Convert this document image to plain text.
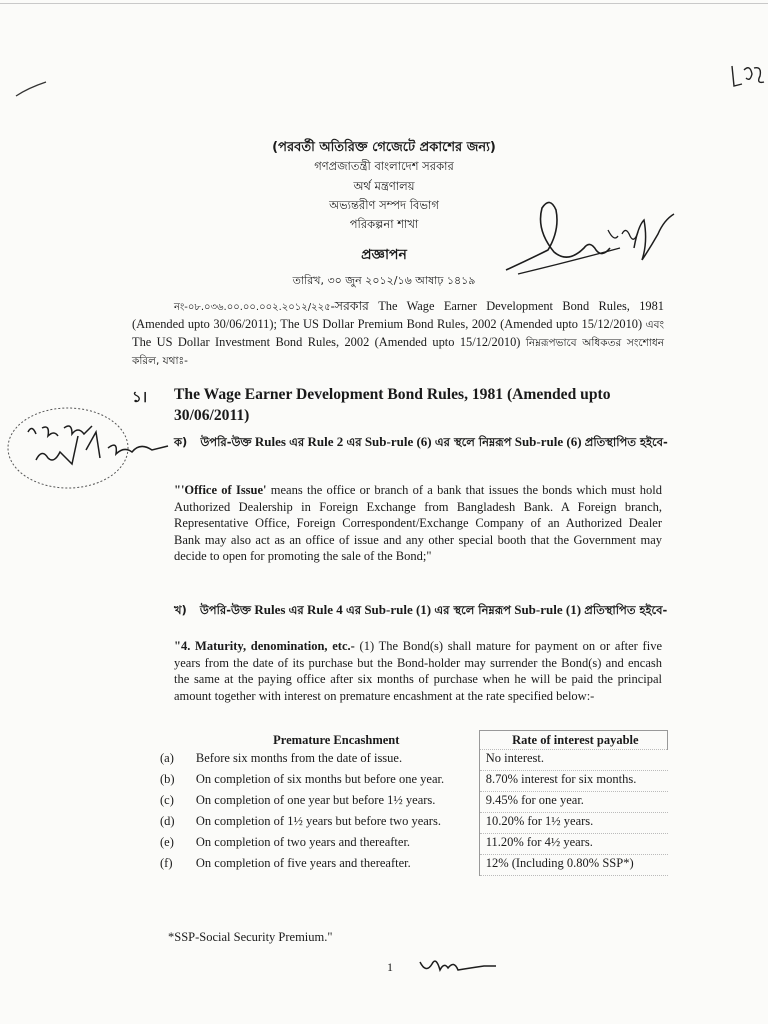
(পরবর্তী অতিরিক্ত গেজেটে প্রকাশের জন্য)
গণপ্রজাতন্ত্রী বাংলাদেশ সরকার
অর্থ মন্ত্রণালয়
অভ্যন্তরীণ সম্পদ বিভাগ
পরিকল্পনা শাখা
প্রজ্ঞাপন
তারিখ, ৩০ জুন ২০১২/১৬ আষাঢ় ১৪১৯
নং-০৮.০৩৬.০০.০০.০০২.২০১২/২২৫-সরকার The Wage Earner Development Bond Rules, 1981 (Amended upto 30/06/2011); The US Dollar Premium Bond Rules, 2002 (Amended upto 15/12/2010) এবং The US Dollar Investment Bond Rules, 2002 (Amended upto 15/12/2010) নিম্নরূপভাবে অধিকতর সংশোধন করিল, যথাঃ-
১। The Wage Earner Development Bond Rules, 1981 (Amended upto 30/06/2011)
ক) উপরি-উক্ত Rules এর Rule 2 এর Sub-rule (6) এর স্থলে নিম্নরূপ Sub-rule (6) প্রতিস্থাপিত হইবে-
"'Office of Issue' means the office or branch of a bank that issues the bonds which must hold Authorized Dealership in Foreign Exchange from Bangladesh Bank. A Foreign branch, Representative Office, Foreign Correspondent/Exchange Company of an Authorized Dealer Bank may also act as an office of issue and any other special booth that the Government may decide to open for promoting the sale of the Bond;"
খ) উপরি-উক্ত Rules এর Rule 4 এর Sub-rule (1) এর স্থলে নিম্নরূপ Sub-rule (1) প্রতিস্থাপিত হইবে-
"4. Maturity, denomination, etc.- (1) The Bond(s) shall mature for payment on or after five years from the date of its purchase but the Bond-holder may surrender the Bond(s) and encash the same at the paying office after six months of purchase when he will be paid the principal amount together with interest on premature encashment at the rate specified below:-
	Premature Encashment	Rate of interest payable
(a)	Before six months from the date of issue.	No interest.
(b)	On completion of six months but before one year.	8.70% interest for six months.
(c)	On completion of one year but before 1½ years.	9.45% for one year.
(d)	On completion of 1½ years but before two years.	10.20% for 1½ years.
(e)	On completion of two years and thereafter.	11.20% for 4½ years.
(f)	On completion of five years and thereafter.	12% (Including 0.80% SSP*)
*SSP-Social Security Premium."
1
